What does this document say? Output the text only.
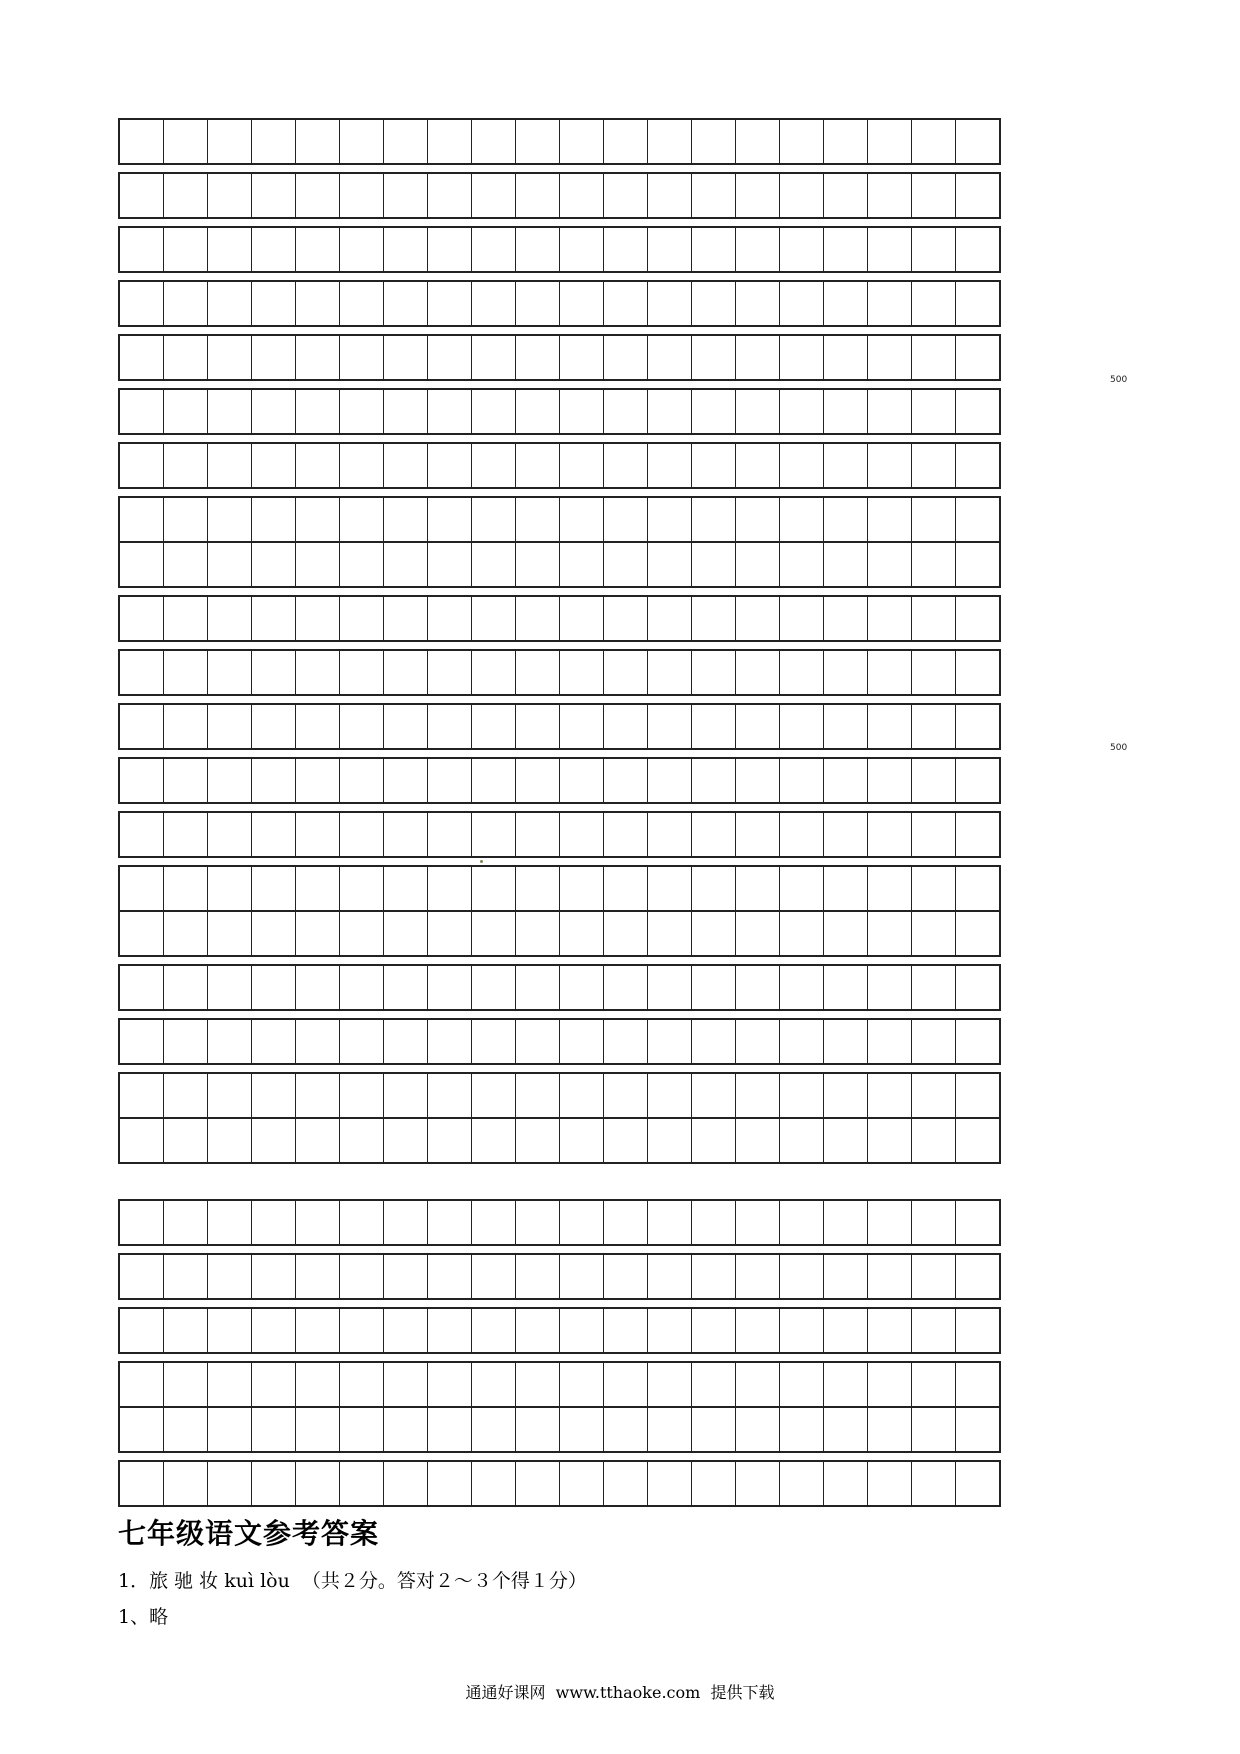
500
500
七年级语文参考答案
1．旅 驰 妆 kuì lòu  （共２分。答对２～３个得１分）
1、略
通通好课网  www.tthaoke.com  提供下载
